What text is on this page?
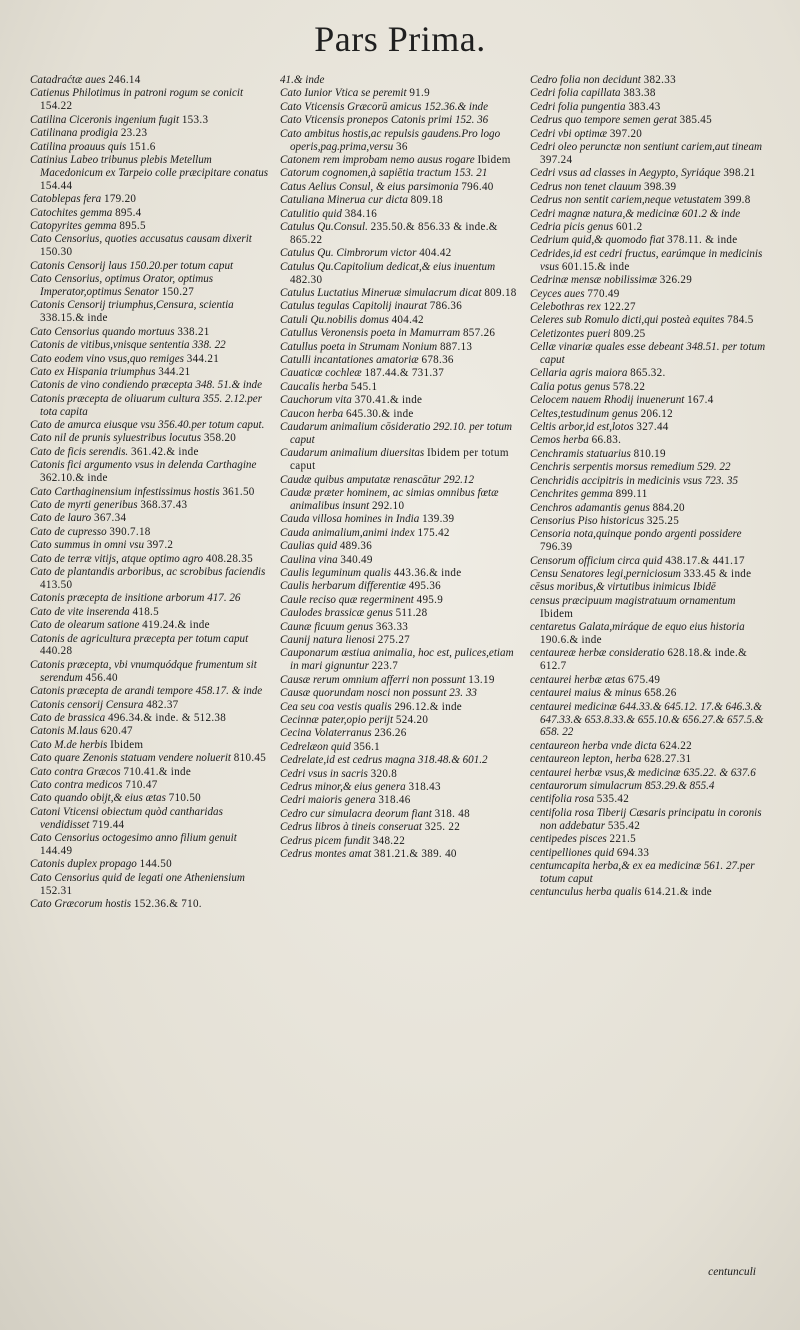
Pars Prima.
Catadraćtæ aues 246.14
Catienus Philotimus in patroni rogum se conicit 154.22
Catilina Ciceronis ingenium fugit 153.3
Catilinana prodigia 23.23
Catilina proauus quis 151.6
Catinius Labeo tribunus plebis Metellum Macedonicum ex Tarpeio colle præcipitare conatus 154.44
Catoblepas fera 179.20
Catochites gemma 895.4
Catopyrites gemma 895.5
Cato Censorius, quoties accusatus causam dixerit 150.30
Catonis Censorij laus 150.20.per totum caput
Cato Censorius, optimus Orator, optimus Imperator,optimus Senator 150.27
Catonis Censorij triumphus,Censura, scientia 338.15.& inde
Cato Censorius quando mortuus 338.21
Catonis de vitibus,vnisque sententia 338. 22
Cato eodem vino vsus,quo remiges 344.21
Cato ex Hispania triumphus 344.21
Catonis de vino condiendo præcepta 348. 51.& inde
Catonis præcepta de oliuarum cultura 355. 2.12.per tota capita
Cato de amurca eiusque vsu 356.40.per totum caput.
Cato nil de prunis syluestribus locutus 358.20
Cato de ficis serendis. 361.42.& inde
Catonis fici argumento vsus in delenda Carthagine 362.10.& inde
Cato Carthaginensium infestissimus hostis 361.50
Cato de myrti generibus 368.37.43
Cato de lauro 367.34
Cato de cupresso 390.7.18
Cato summus in omni vsu 397.2
Cato de terræ vitijs, atque optimo agro 408.28.35
Cato de plantandis arboribus, ac scrobibus faciendis 413.50
Catonis præcepta de insitione arborum 417. 26
Cato de vite inserenda 418.5
Cato de olearum satione 419.24.& inde
Catonis de agricultura præcepta per totum caput 440.28
Catonis præcepta, vbi vnumquódque frumentum sit serendum 456.40
Catonis præcepta de arandi tempore 458.17. & inde
Catonis censorij Censura 482.37
Cato de brassica 496.34.& inde. & 512.38
Catonis M.laus 620.47
Cato M.de herbis Ibidem
Cato quare Zenonis statuam vendere noluerit 810.45
Cato contra Græcos 710.41.& inde
Cato contra medicos 710.47
Cato quando obijt,& eius ætas 710.50
Catoni Vticensi obiectum quòd cantharidas vendidisset 719.44
Cato Censorius octogesimo anno filium genuit 144.49
Catonis duplex propago 144.50
Cato Censorius quid de legati one Atheniensium 152.31
Cato Græcorum hostis 152.36.& 710.
41.& inde
Cato Iunior Vtica se peremit 91.9
Cato Vticensis Græcorū amicus 152.36.& inde
Cato Vticensis pronepos Catonis primi 152. 36
Cato ambitus hostis,ac repulsis gaudens.Pro logo operis,pag.prima,versu 36
Catonem rem improbam nemo ausus rogare Ibidem
Catorum cognomen,à sapiētia tractum 153. 21
Catus Aelius Consul, & eius parsimonia 796.40
Catuliana Minerua cur dicta 809.18
Catulitio quid 384.16
Catulus Qu.Consul. 235.50.& 856.33 & inde.& 865.22
Catulus Qu. Cimbrorum victor 404.42
Catulus Qu.Capitolium dedicat,& eius inuentum 482.30
Catulus Luctatius Mineruæ simulacrum dicat 809.18
Catulus tegulas Capitolij inaurat 786.36
Catuli Qu.nobilis domus 404.42
Catullus Veronensis poeta in Mamurram 857.26
Catullus poeta in Strumam Nonium 887.13
Catulli incantationes amatoriæ 678.36
Cauaticæ cochleæ 187.44.& 731.37
Caucalis herba 545.1
Cauchorum vita 370.41.& inde
Caucon herba 645.30.& inde
Caudarum animalium cōsideratio 292.10. per totum caput
Caudarum animalium diuersitas Ibidem per totum caput
Caudæ quibus amputatæ renascātur 292.12
Caudæ præter hominem, ac simias omnibus fœtæ animalibus insunt 292.10
Cauda villosa homines in India 139.39
Cauda animalium,animi index 175.42
Caulias quid 489.36
Caulina vina 340.49
Caulis leguminum qualis 443.36.& inde
Caulis herbarum differentiæ 495.36
Caule reciso quæ regerminent 495.9
Caulodes brassicæ genus 511.28
Caunæ ficuum genus 363.33
Caunij natura lienosi 275.27
Cauponarum æstiua animalia, hoc est, pulices,etiam in mari gignuntur 223.7
Causæ rerum omnium afferri non possunt 13.19
Causæ quorundam nosci non possunt 23. 33
Cea seu coa vestis qualis 296.12.& inde
Cecinnæ pater,opio perijt 524.20
Cecina Volaterranus 236.26
Cedrelæon quid 356.1
Cedrelate,id est cedrus magna 318.48.& 601.2
Cedri vsus in sacris 320.8
Cedrus minor,& eius genera 318.43
Cedri maioris genera 318.46
Cedro cur simulacra deorum fiant 318. 48
Cedrus libros à tineis conseruat 325. 22
Cedrus picem fundit 348.22
Cedrus montes amat 381.21.& 389. 40
Cedro folia non decidunt 382.33
Cedri folia capillata 383.38
Cedri folia pungentia 383.43
Cedrus quo tempore semen gerat 385.45
Cedri vbi optimæ 397.20
Cedri oleo perunctæ non sentiunt cariem,aut tineam 397.24
Cedri vsus ad classes in Aegypto, Syriáque 398.21
Cedrus non tenet clauum 398.39
Cedrus non sentit cariem,neque vetustatem 399.8
Cedri magnæ natura,& medicinæ 601.2 & inde
Cedria picis genus 601.2
Cedrium quid,& quomodo fiat 378.11. & inde
Cedrides,id est cedri fructus, earúmque in medicinis vsus 601.15.& inde
Cedrinæ mensæ nobilissimæ 326.29
Ceyces aues 770.49
Celebothras rex 122.27
Celeres sub Romulo dicti,qui posteà equites 784.5
Celetizontes pueri 809.25
Cellæ vinariæ quales esse debeant 348.51. per totum caput
Cellaria agris maiora 865.32.
Calia potus genus 578.22
Celocem nauem Rhodij inuenerunt 167.4
Celtes,testudinum genus 206.12
Celtis arbor,id est,lotos 327.44
Cemos herba 66.83.
Cenchramis statuarius 810.19
Cenchris serpentis morsus remedium 529. 22
Cenchridis accipitris in medicinis vsus 723. 35
Cenchrites gemma 899.11
Cenchros adamantis genus 884.20
Censorius Piso historicus 325.25
Censoria nota,quinque pondo argenti possidere 796.39
Censorum officium circa quid 438.17.& 441.17
Censu Senatores legi,perniciosum 333.45 & inde
cēsus moribus,& virtutibus inimicus Ibidē
census præcipuum magistratuum ornamentum Ibidem
centaretus Galata,miráque de equo eius historia 190.6.& inde
centaureæ herbæ consideratio 628.18.& inde.& 612.7
centaurei herbæ ætas 675.49
centaurei maius & minus 658.26
centaurei medicinæ 644.33.& 645.12. 17.& 646.3.& 647.33.& 653.8.33.& 655.10.& 656.27.& 657.5.& 658. 22
centaureon herba vnde dicta 624.22
centaureon lepton, herba 628.27.31
centaurei herbæ vsus,& medicinæ 635.22. & 637.6
centaurorum simulacrum 853.29.& 855.4
centifolia rosa 535.42
centifolia rosa Tiberij Cæsaris principatu in coronis non addebatur 535.42
centipedes pisces 221.5
centipelliones quid 694.33
centumcapita herba,& ex ea medicinæ 561. 27.per totum caput
centunculus herba qualis 614.21.& inde
centunculi
